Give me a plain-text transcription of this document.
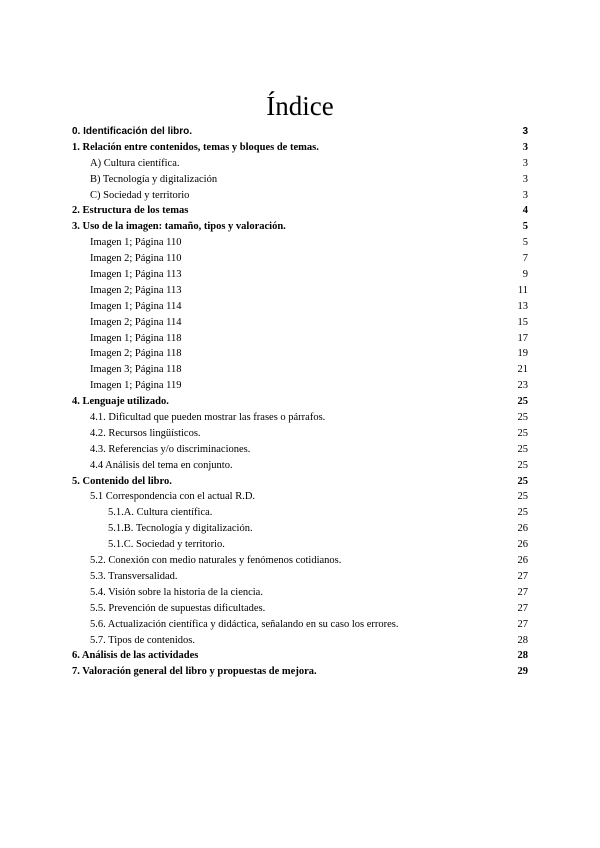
Índice
0. Identificación del libro.	3
1. Relación entre contenidos, temas y bloques de temas.	3
A) Cultura científica.	3
B) Tecnología y digitalización	3
C) Sociedad y territorio	3
2. Estructura de los temas	4
3. Uso de la imagen: tamaño, tipos y valoración.	5
Imagen 1; Página 110	5
Imagen 2; Página 110	7
Imagen 1; Página 113	9
Imagen 2; Página 113	11
Imagen 1; Página 114	13
Imagen 2; Página 114	15
Imagen 1; Página 118	17
Imagen 2; Página 118	19
Imagen 3; Página 118	21
Imagen 1; Página 119	23
4. Lenguaje utilizado.	25
4.1. Dificultad que pueden mostrar las frases o párrafos.	25
4.2. Recursos lingüísticos.	25
4.3. Referencias y/o discriminaciones.	25
4.4 Análisis del tema en conjunto.	25
5. Contenido del libro.	25
5.1 Correspondencia con el actual R.D.	25
5.1.A. Cultura científica.	25
5.1.B. Tecnología y digitalización.	26
5.1.C. Sociedad y territorio.	26
5.2. Conexión con medio naturales y fenómenos cotidianos.	26
5.3. Transversalidad.	27
5.4. Visión sobre la historia de la ciencia.	27
5.5. Prevención de supuestas dificultades.	27
5.6. Actualización científica y didáctica, señalando en su caso los errores.	27
5.7. Tipos de contenidos.	28
6. Análisis de las actividades	28
7. Valoración general del libro y propuestas de mejora.	29
